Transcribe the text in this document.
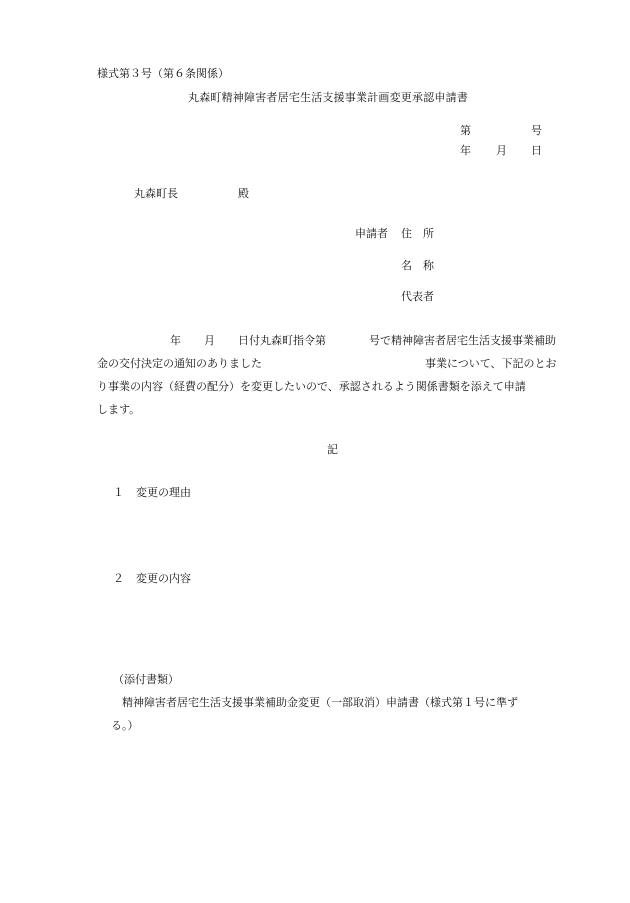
様式第３号（第６条関係）
丸森町精神障害者居宅生活支援事業計画変更承認申請書
第	号
年 月 日
丸森町長	殿
申請者 住　所
名　称
代表者
年 月 日付丸森町指令第	号で精神障害者居宅生活支援事業補助
金の交付決定の通知のありました	事業について、下記のとお
り事業の内容（経費の配分）を変更したいので、承認されるよう関係書類を添えて申請
します。
記
１ 変更の理由
２ 変更の内容
（添付書類）
精神障害者居宅生活支援事業補助金変更（一部取消）申請書（様式第１号に準ず
る。）
